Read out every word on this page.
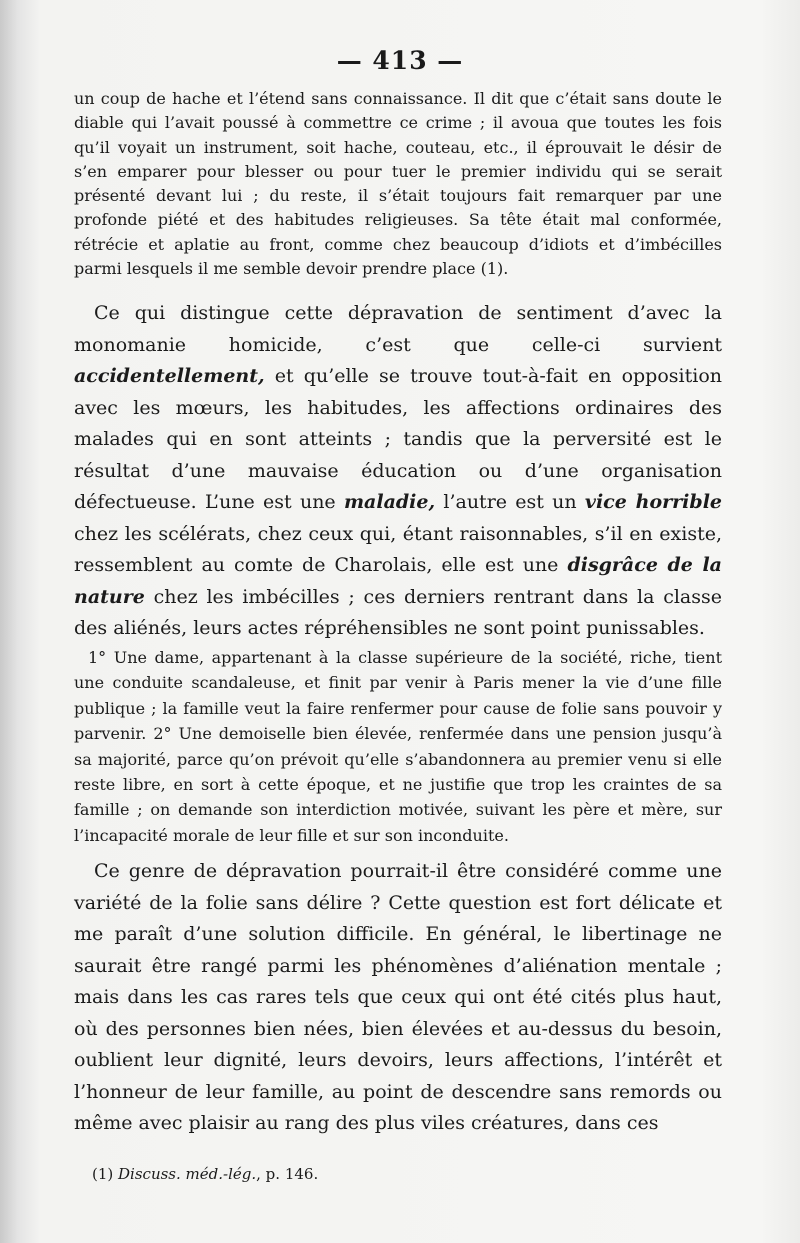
— 413 —

un coup de hache et l’étend sans connaissance. Il dit que c’était sans doute le diable qui l’avait poussé à commettre ce crime ; il avoua que toutes les fois qu’il voyait un instrument, soit hache, couteau, etc., il éprouvait le désir de s’en emparer pour blesser ou pour tuer le premier individu qui se serait présenté devant lui ; du reste, il s’était toujours fait remarquer par une profonde piété et des habitudes religieuses. Sa tête était mal conformée, rétrécie et aplatie au front, comme chez beaucoup d’idiots et d’imbécilles parmi lesquels il me semble devoir prendre place (1).

Ce qui distingue cette dépravation de sentiment d’avec la monomanie homicide, c’est que celle-ci survient accidentellement, et qu’elle se trouve tout-à-fait en opposition avec les mœurs, les habitudes, les affections ordinaires des malades qui en sont atteints ; tandis que la perversité est le résultat d’une mauvaise éducation ou d’une organisation défectueuse. L’une est une maladie, l’autre est un vice horrible chez les scélérats, chez ceux qui, étant raisonnables, s’il en existe, ressemblent au comte de Charolais, elle est une disgrâce de la nature chez les imbécilles ; ces derniers rentrant dans la classe des aliénés, leurs actes répréhensibles ne sont point punissables.

1° Une dame, appartenant à la classe supérieure de la société, riche, tient une conduite scandaleuse, et finit par venir à Paris mener la vie d’une fille publique ; la famille veut la faire renfermer pour cause de folie sans pouvoir y parvenir. 2° Une demoiselle bien élevée, renfermée dans une pension jusqu’à sa majorité, parce qu’on prévoit qu’elle s’abandonnera au premier venu si elle reste libre, en sort à cette époque, et ne justifie que trop les craintes de sa famille ; on demande son interdiction motivée, suivant les père et mère, sur l’incapacité morale de leur fille et sur son inconduite.

Ce genre de dépravation pourrait-il être considéré comme une variété de la folie sans délire ? Cette question est fort délicate et me paraît d’une solution difficile. En général, le libertinage ne saurait être rangé parmi les phénomènes d’aliénation mentale ; mais dans les cas rares tels que ceux qui ont été cités plus haut, où des personnes bien nées, bien élevées et au-dessus du besoin, oublient leur dignité, leurs devoirs, leurs affections, l’intérêt et l’honneur de leur famille, au point de descendre sans remords ou même avec plaisir au rang des plus viles créatures, dans ces

(1) Discuss. méd.-lég., p. 146.
